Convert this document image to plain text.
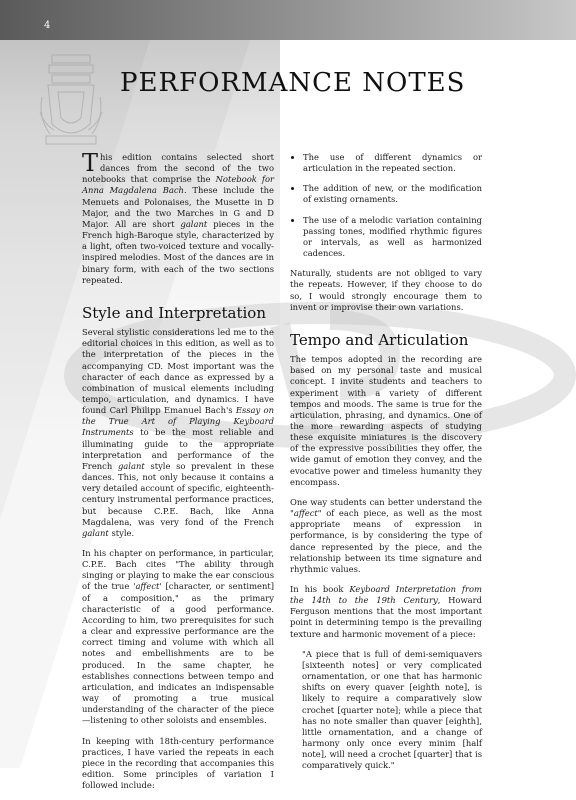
4
PERFORMANCE NOTES

This edition contains selected short dances from the second of the two notebooks that comprise the Notebook for Anna Magdalena Bach. These include the Menuets and Polonaises, the Musette in D Major, and the two Marches in G and D Major. All are short galant pieces in the French high-Baroque style, characterized by a light, often two-voiced texture and vocally-inspired melodies. Most of the dances are in binary form, with each of the two sections repeated.

Style and Interpretation

Several stylistic considerations led me to the editorial choices in this edition, as well as to the interpretation of the pieces in the accompanying CD. Most important was the character of each dance as expressed by a combination of musical elements including tempo, articulation, and dynamics. I have found Carl Philipp Emanuel Bach's Essay on the True Art of Playing Keyboard Instruments to be the most reliable and illuminating guide to the appropriate interpretation and performance of the French galant style so prevalent in these dances. This, not only because it contains a very detailed account of specific, eighteenth-century instrumental performance practices, but because C.P.E. Bach, like Anna Magdalena, was very fond of the French galant style.

In his chapter on performance, in particular, C.P.E. Bach cites "The ability through singing or playing to make the ear conscious of the true 'affect' [character, or sentiment] of a composition," as the primary characteristic of a good performance. According to him, two prerequisites for such a clear and expressive performance are the correct timing and volume with which all notes and embellishments are to be produced. In the same chapter, he establishes connections between tempo and articulation, and indicates an indispensable way of promoting a true musical understanding of the character of the piece—listening to other soloists and ensembles.

In keeping with 18th-century performance practices, I have varied the repeats in each piece in the recording that accompanies this edition. Some principles of variation I followed include:

• The use of different dynamics or articulation in the repeated section.
• The addition of new, or the modification of existing ornaments.
• The use of a melodic variation containing passing tones, modified rhythmic figures or intervals, as well as harmonized cadences.

Naturally, students are not obliged to vary the repeats. However, if they choose to do so, I would strongly encourage them to invent or improvise their own variations.

Tempo and Articulation

The tempos adopted in the recording are based on my personal taste and musical concept. I invite students and teachers to experiment with a variety of different tempos and moods. The same is true for the articulation, phrasing, and dynamics. One of the more rewarding aspects of studying these exquisite miniatures is the discovery of the expressive possibilities they offer, the wide gamut of emotion they convey, and the evocative power and timeless humanity they encompass.

One way students can better understand the "affect" of each piece, as well as the most appropriate means of expression in performance, is by considering the type of dance represented by the piece, and the relationship between its time signature and rhythmic values.

In his book Keyboard Interpretation from the 14th to the 19th Century, Howard Ferguson mentions that the most important point in determining tempo is the prevailing texture and harmonic movement of a piece:

"A piece that is full of demi-semiquavers [sixteenth notes] or very complicated ornamentation, or one that has harmonic shifts on every quaver [eighth note], is likely to require a comparatively slow crochet [quarter note]; while a piece that has no note smaller than quaver [eighth], little ornamentation, and a change of harmony only once every minim [half note], will need a crochet [quarter] that is comparatively quick."
